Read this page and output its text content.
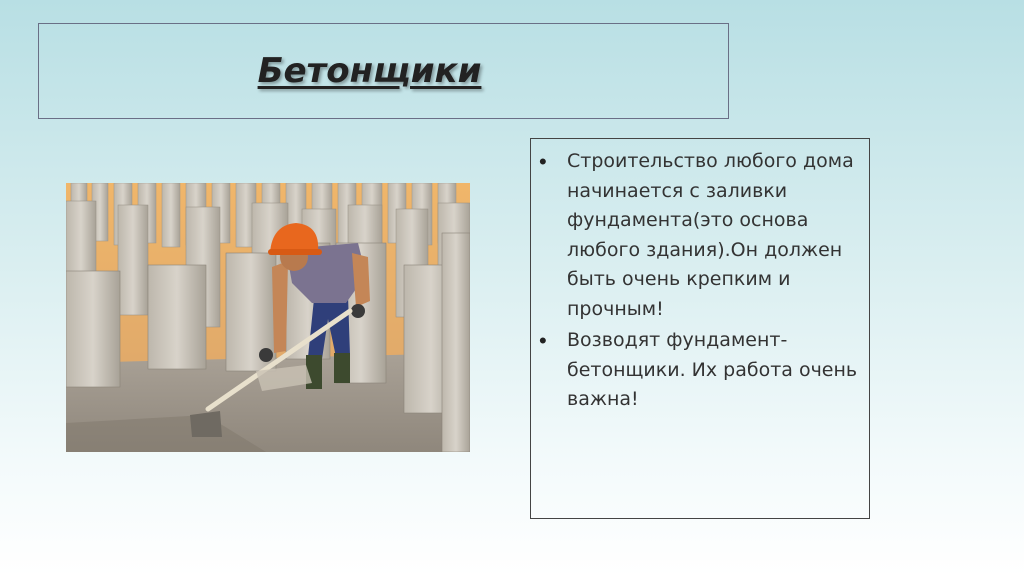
Бетонщики
•	Строительство любого дома начинается с заливки фундамента(это основа любого здания).Он должен быть очень крепким и прочным!
•	Возводят фундамент-бетонщики. Их работа очень важна!
